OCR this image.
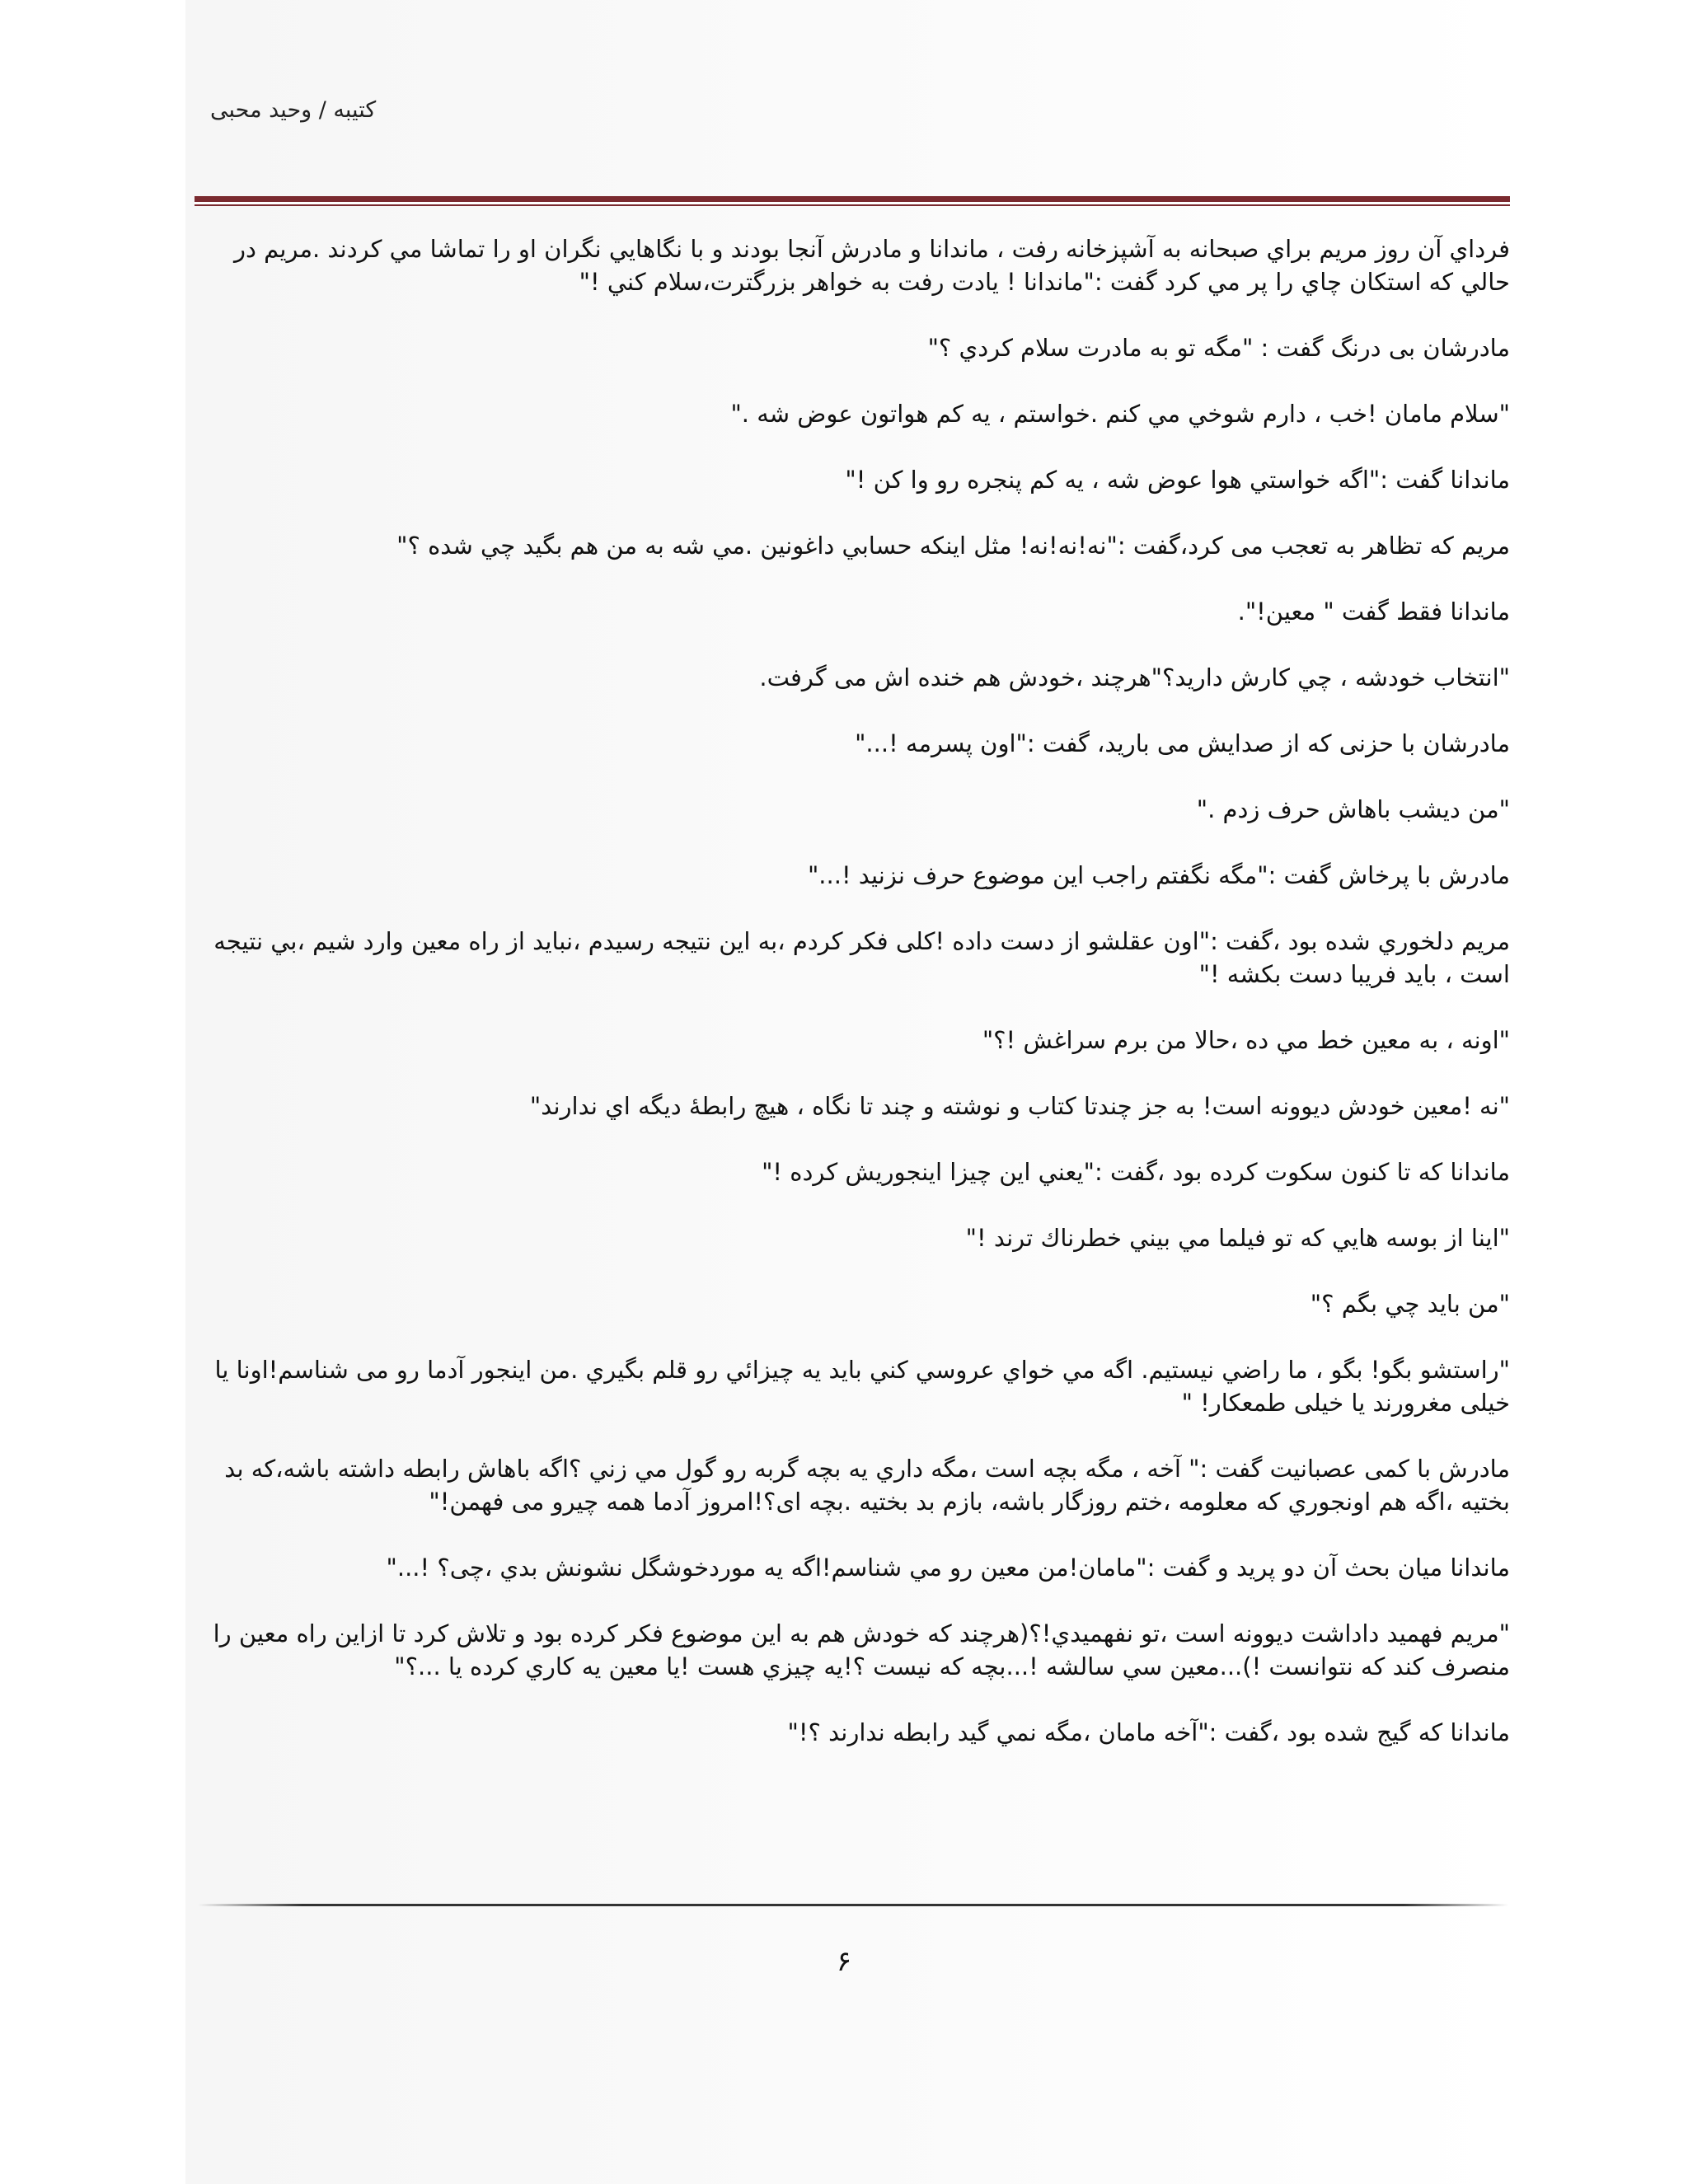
کتیبه / وحید محبی

فرداي آن روز مريم براي صبحانه به آشپزخانه رفت ، ماندانا و مادرش آنجا بودند و با نگاهايي نگران او را تماشا مي كردند .مريم در حالي كه استكان چاي را پر مي كرد گفت :"ماندانا ! يادت رفت به خواهر بزرگترت،سلام كني !"

مادرشان بی درنگ گفت : "مگه تو به مادرت سلام كردي ؟"

"سلام مامان !خب ، دارم شوخي مي كنم .خواستم ، يه كم هواتون عوض شه ."

ماندانا گفت :"اگه خواستي هوا عوض شه ، يه كم پنجره رو وا كن !"

مريم كه تظاهر به تعجب می کرد،گفت :"نه!نه!نه! مثل اينكه حسابي داغونين .مي شه به من هم بگيد چي شده ؟"

ماندانا فقط گفت " معين!".

"انتخاب خودشه ، چي كارش داريد؟"هرچند ،خودش هم خنده اش می گرفت.

مادرشان با حزنی كه از صدايش می باريد، گفت :"اون پسرمه !..."

"من ديشب باهاش حرف زدم ."

مادرش با پرخاش گفت :"مگه نگفتم راجب اين موضوع حرف نزنيد !..."

مريم دلخوري شده بود ،گفت :"اون عقلشو از دست داده !كلی فكر كردم ،به اين نتيجه رسيدم ،نبايد از راه معين وارد شيم ،بي نتيجه است ، بايد فريبا دست بكشه !"

"اونه ، به معين خط مي ده ،حالا من برم سراغش !؟"

"نه !معين خودش ديوونه است! به جز چندتا كتاب و نوشته و چند تا نگاه ، هيچ رابطۀ ديگه اي ندارند"

ماندانا كه تا كنون سكوت كرده بود ،گفت :"يعني اين چيزا اينجوريش كرده !"

"اينا از بوسه هايي كه تو فيلما مي بيني خطرناك ترند !"

"من بايد چي بگم ؟"

"راستشو بگو! بگو ، ما راضي نيستيم. اگه مي خواي عروسي كني بايد يه چيزائي رو قلم بگيري .من اينجور آدما رو می شناسم!اونا يا خيلی مغرورند يا خيلی طمعكار! "

مادرش با كمی عصبانيت گفت :" آخه ، مگه بچه است ،مگه داري يه بچه گربه رو گول مي زني ؟اگه باهاش رابطه داشته باشه،كه بد بختيه ،اگه هم اونجوري كه معلومه ،ختم روزگار باشه، بازم بد بختيه .بچه ای؟!امروز آدما همه چيرو می فهمن!"

ماندانا ميان بحث آن دو پريد و گفت :"مامان!من معين رو مي شناسم!اگه يه موردخوشگل نشونش بدي ،چی؟ !..."

"مريم فهميد داداشت ديوونه است ،تو نفهميدي!؟(هرچند كه خودش هم به اين موضوع فكر كرده بود و تلاش كرد تا ازاين راه معين را منصرف كند كه نتوانست !)...معين سي سالشه !...بچه كه نيست ؟!يه چيزي هست !يا معين يه كاري كرده يا ...؟"

ماندانا كه گيج شده بود ،گفت :"آخه مامان ،مگه نمي گيد رابطه ندارند ؟!"

۶
